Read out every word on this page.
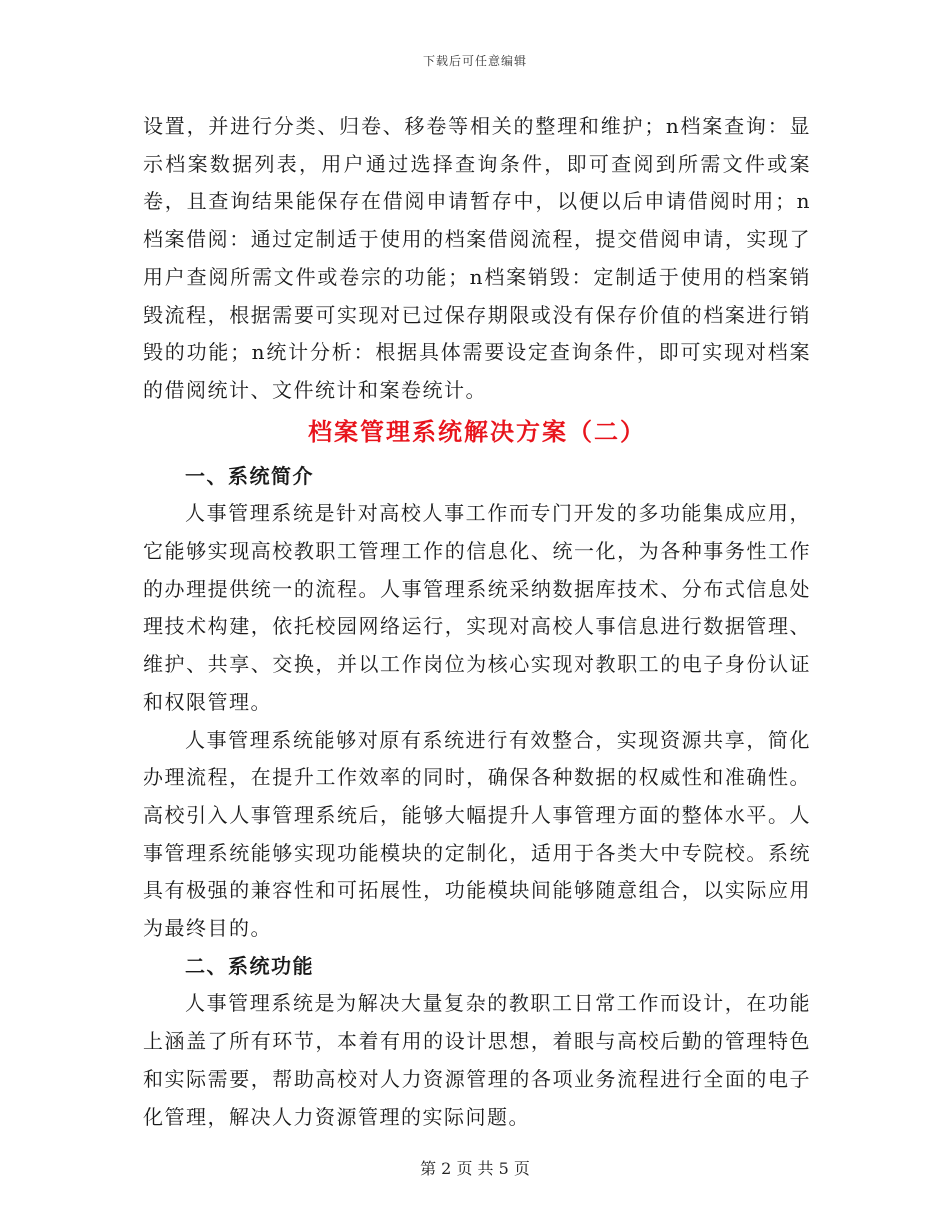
下载后可任意编辑

设置，并进行分类、归卷、移卷等相关的整理和维护；n档案查询：显示档案数据列表，用户通过选择查询条件，即可查阅到所需文件或案卷，且查询结果能保存在借阅申请暂存中，以便以后申请借阅时用；n档案借阅：通过定制适于使用的档案借阅流程，提交借阅申请，实现了用户查阅所需文件或卷宗的功能；n档案销毁：定制适于使用的档案销毁流程，根据需要可实现对已过保存期限或没有保存价值的档案进行销毁的功能；n统计分析：根据具体需要设定查询条件，即可实现对档案的借阅统计、文件统计和案卷统计。

档案管理系统解决方案（二）
一、系统简介

人事管理系统是针对高校人事工作而专门开发的多功能集成应用，它能够实现高校教职工管理工作的信息化、统一化，为各种事务性工作的办理提供统一的流程。人事管理系统采纳数据库技术、分布式信息处理技术构建，依托校园网络运行，实现对高校人事信息进行数据管理、维护、共享、交换，并以工作岗位为核心实现对教职工的电子身份认证和权限管理。

人事管理系统能够对原有系统进行有效整合，实现资源共享，简化办理流程，在提升工作效率的同时，确保各种数据的权威性和准确性。高校引入人事管理系统后，能够大幅提升人事管理方面的整体水平。人事管理系统能够实现功能模块的定制化，适用于各类大中专院校。系统具有极强的兼容性和可拓展性，功能模块间能够随意组合，以实际应用为最终目的。

二、系统功能

人事管理系统是为解决大量复杂的教职工日常工作而设计，在功能上涵盖了所有环节，本着有用的设计思想，着眼与高校后勤的管理特色和实际需要，帮助高校对人力资源管理的各项业务流程进行全面的电子化管理，解决人力资源管理的实际问题。

第 2 页 共 5 页
